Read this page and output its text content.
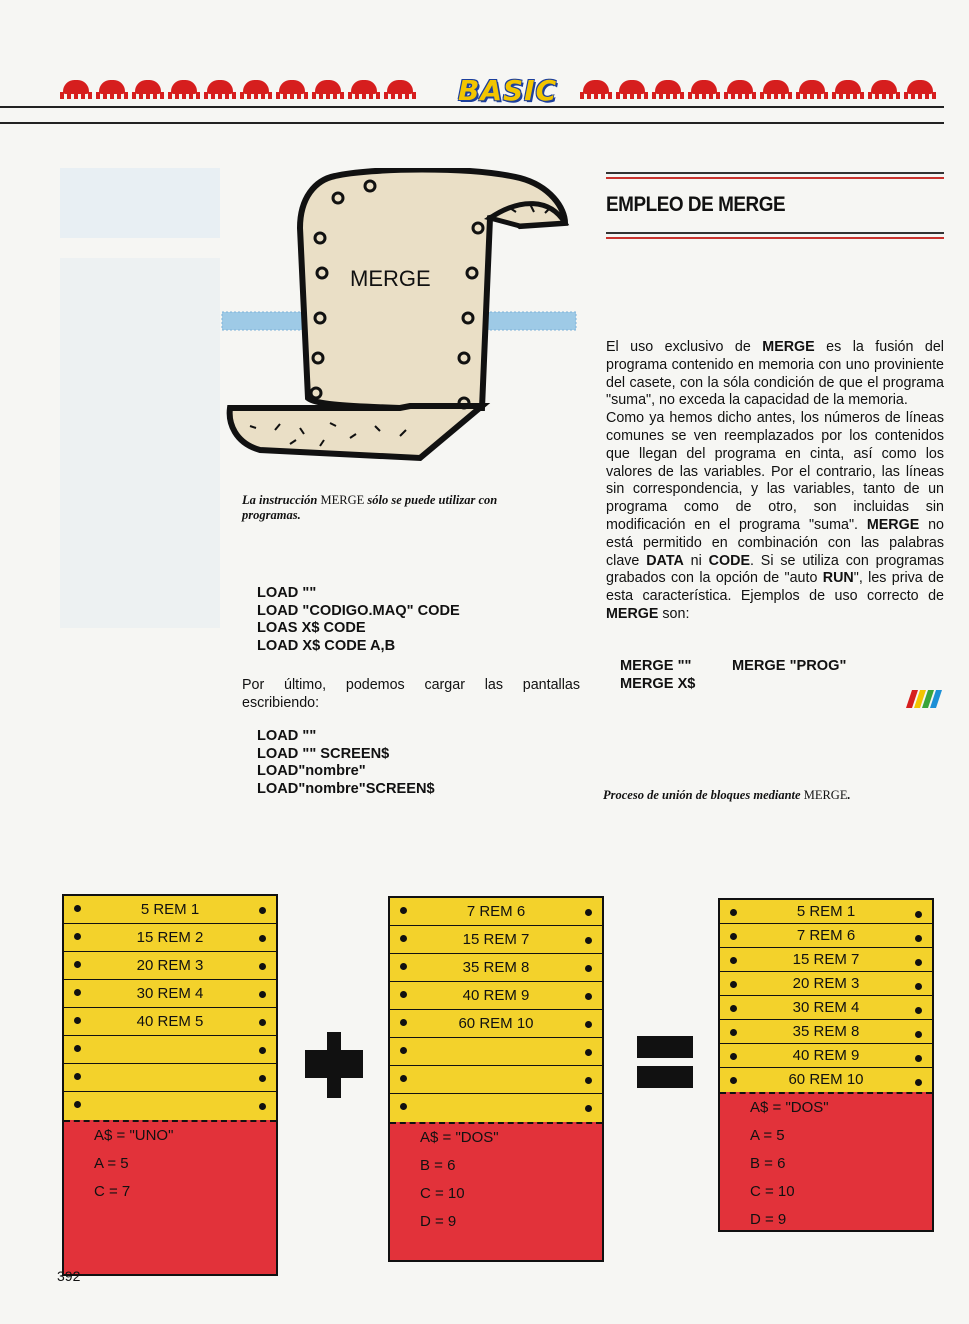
BASIC
MERGE
La instrucción MERGE sólo se puede utilizar con programas.
LOAD ""
LOAD "CODIGO.MAQ" CODE
LOAS X$ CODE
LOAD X$ CODE A,B
Por último, podemos cargar las pantallas escribiendo:
LOAD ""
LOAD "" SCREEN$
LOAD"nombre"
LOAD"nombre"SCREEN$
EMPLEO DE MERGE

El uso exclusivo de MERGE es la fusión del programa contenido en memoria con uno proviniente del casete, con la sóla condición de que el programa "suma", no exceda la capacidad de la memoria.

Como ya hemos dicho antes, los números de líneas comunes se ven reemplazados por los contenidos que llegan del programa en cinta, así como los valores de las variables. Por el contrario, las líneas sin correspondencia, y las variables, tanto de un programa como de otro, son incluidas sin modificación en el programa "suma". MERGE no está permitido en combinación con las palabras clave DATA ni CODE. Si se utiliza con programas grabados con la opción de "auto RUN", les priva de esta característica. Ejemplos de uso correcto de MERGE son:

MERGE ""	MERGE "PROG"
MERGE X$
Proceso de unión de bloques mediante MERGE.
5 REM 1
15 REM 2
20 REM 3
30 REM 4
40 REM 5
A$ = "UNO"
A = 5
C = 7
7 REM 6
15 REM 7
35 REM 8
40 REM 9
60 REM 10
A$ = "DOS"
B = 6
C = 10
D = 9
5 REM 1
7 REM 6
15 REM 7
20 REM 3
30 REM 4
35 REM 8
40 REM 9
60 REM 10
A$ = "DOS"
A = 5
B = 6
C = 10
D = 9
392
